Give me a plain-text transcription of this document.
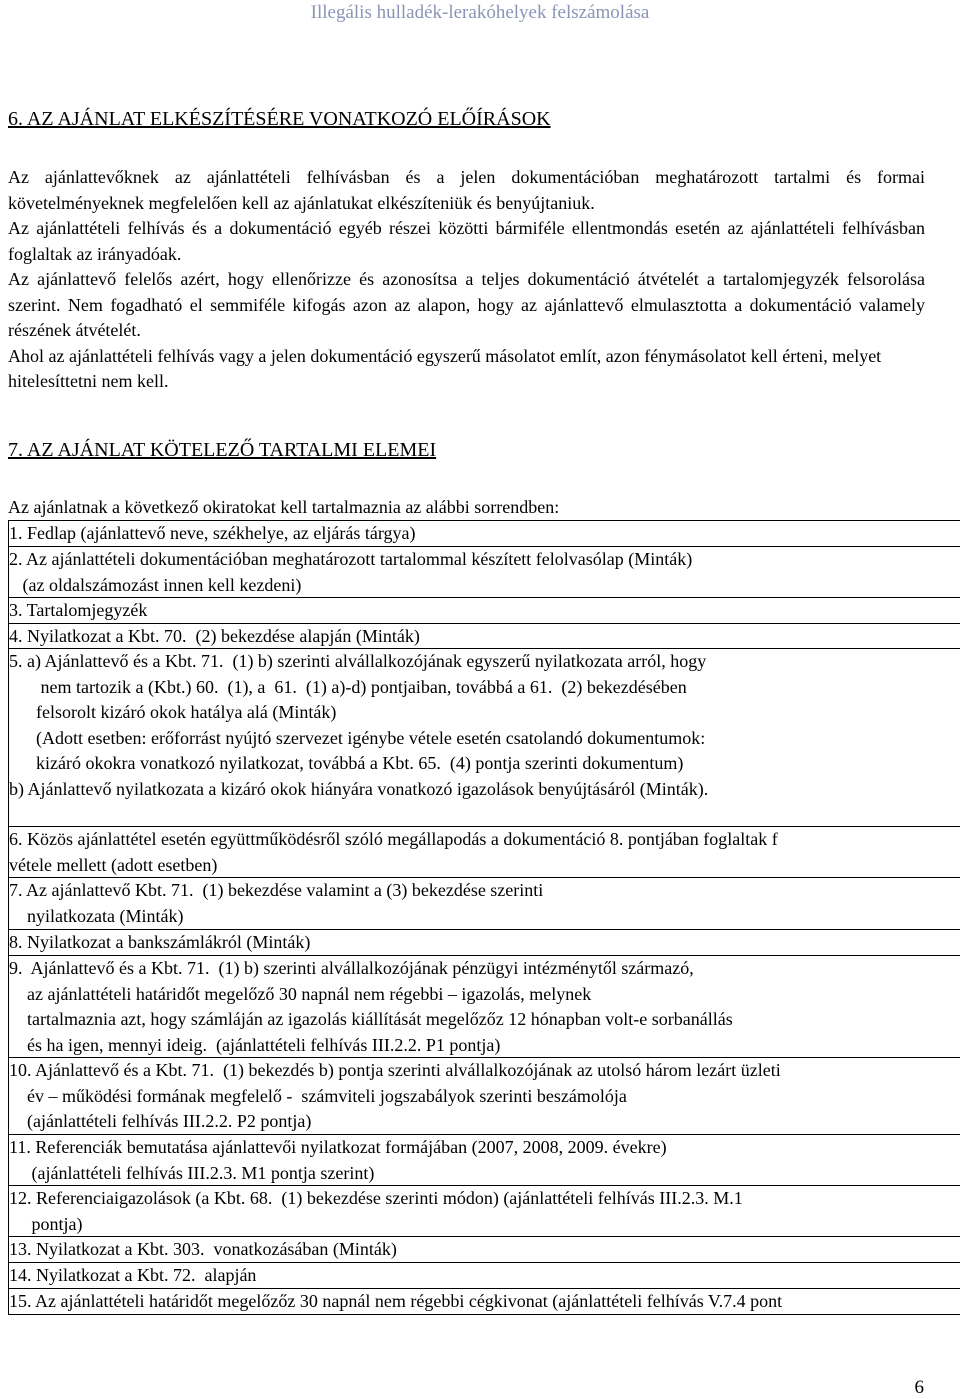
Illegális hulladék-lerakóhelyek felszámolása
6. AZ AJÁNLAT ELKÉSZÍTÉSÉRE VONATKOZÓ ELŐÍRÁSOK

Az ajánlattevőknek az ajánlattételi felhívásban és a jelen dokumentációban meghatározott tartalmi és formai követelményeknek megfelelően kell az ajánlatukat elkészíteniük és benyújtaniuk.

Az ajánlattételi felhívás és a dokumentáció egyéb részei közötti bármiféle ellentmondás esetén az ajánlattételi felhívásban foglaltak az irányadóak.

Az ajánlattevő felelős azért, hogy ellenőrizze és azonosítsa a teljes dokumentáció átvételét a tartalomjegyzék felsorolása szerint. Nem fogadható el semmiféle kifogás azon az alapon, hogy az ajánlattevő elmulasztotta a dokumentáció valamely részének átvételét.

Ahol az ajánlattételi felhívás vagy a jelen dokumentáció egyszerű másolatot említ, azon fénymásolatot kell érteni, melyet hitelesíttetni nem kell.

7. AZ AJÁNLAT KÖTELEZŐ TARTALMI ELEMEI
Az ajánlatnak a következő okiratokat kell tartalmaznia az alábbi sorrendben:
1. Fedlap (ajánlattevő neve, székhelye, az eljárás tárgya)
2. Az ajánlattételi dokumentációban meghatározott tartalommal készített felolvasólap (Minták)
(az oldalszámozást innen kell kezdeni)
3. Tartalomjegyzék
4. Nyilatkozat a Kbt. 70.  (2) bekezdése alapján (Minták)
5. a) Ajánlattevő és a Kbt. 71.  (1) b) szerinti alvállalkozójának egyszerű nyilatkozata arról, hogy
nem tartozik a (Kbt.) 60.  (1), a  61.  (1) a)-d) pontjaiban, továbbá a 61.  (2) bekezdésében
felsorolt kizáró okok hatálya alá (Minták)
(Adott esetben: erőforrást nyújtó szervezet igénybe vétele esetén csatolandó dokumentumok:
kizáró okokra vonatkozó nyilatkozat, továbbá a Kbt. 65.  (4) pontja szerinti dokumentum)
b) Ajánlattevő nyilatkozata a kizáró okok hiányára vonatkozó igazolások benyújtásáról (Minták).
6. Közös ajánlattétel esetén együttműködésről szóló megállapodás a dokumentáció 8. pontjában foglaltak f
vétele mellett (adott esetben)
7. Az ajánlattevő Kbt. 71.  (1) bekezdése valamint a (3) bekezdése szerinti
nyilatkozata (Minták)
8. Nyilatkozat a bankszámlákról (Minták)
9.  Ajánlattevő és a Kbt. 71.  (1) b) szerinti alvállalkozójának pénzügyi intézménytől származó,
az ajánlattételi határidőt megelőző 30 napnál nem régebbi – igazolás, melynek
tartalmaznia azt, hogy számláján az igazolás kiállítását megelőzőz 12 hónapban volt-e sorbanállás
és ha igen, mennyi ideig.  (ajánlattételi felhívás III.2.2. P1 pontja)
10. Ajánlattevő és a Kbt. 71.  (1) bekezdés b) pontja szerinti alvállalkozójának az utolsó három lezárt üzleti
év – működési formának megfelelő -  számviteli jogszabályok szerinti beszámolója
(ajánlattételi felhívás III.2.2. P2 pontja)
11. Referenciák bemutatása ajánlattevői nyilatkozat formájában (2007, 2008, 2009. évekre)
(ajánlattételi felhívás III.2.3. M1 pontja szerint)
12. Referenciaigazolások (a Kbt. 68.  (1) bekezdése szerinti módon) (ajánlattételi felhívás III.2.3. M.1
pontja)
13. Nyilatkozat a Kbt. 303.  vonatkozásában (Minták)
14. Nyilatkozat a Kbt. 72.  alapján
15. Az ajánlattételi határidőt megelőzőz 30 napnál nem régebbi cégkivonat (ajánlattételi felhívás V.7.4 pont
6
